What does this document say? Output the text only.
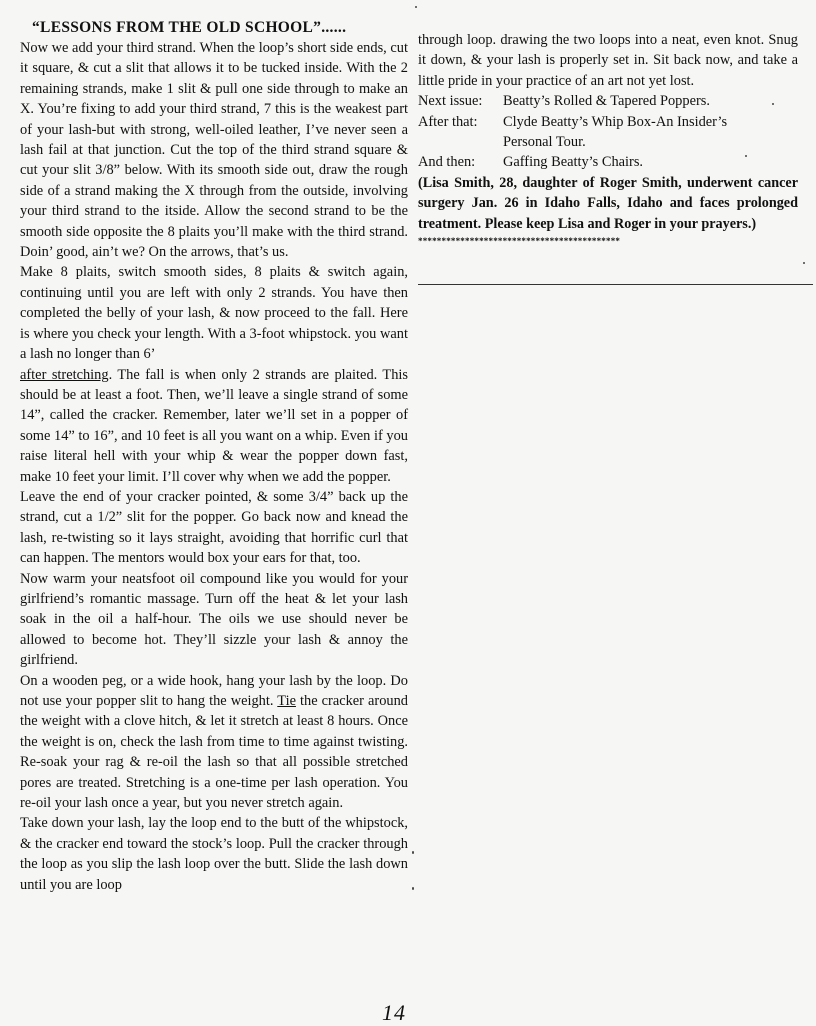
“LESSONS FROM THE OLD SCHOOL”......

Now we add your third strand. When the loop’s short side ends, cut it square, & cut a slit that allows it to be tucked inside. With the 2 remaining strands, make 1 slit & pull one side through to make an X. You’re fixing to add your third strand, 7 this is the weakest part of your lash-but with strong, well-oiled leather, I’ve never seen a lash fail at that junction. Cut the top of the third strand square & cut your slit 3/8” below. With its smooth side out, draw the rough side of a strand making the X through from the outside, involving your third strand to the itside. Allow the second strand to be the smooth side opposite the 8 plaits you’ll make with the third strand. Doin’ good, ain’t we? On the arrows, that’s us.

Make 8 plaits, switch smooth sides, 8 plaits & switch again, continuing until you are left with only 2 strands. You have then completed the belly of your lash, & now proceed to the fall. Here is where you check your length. With a 3-foot whipstock. you want a lash no longer than 6’

after stretching. The fall is when only 2 strands are plaited. This should be at least a foot. Then, we’ll leave a single strand of some 14”, called the cracker. Remember, later we’ll set in a popper of some 14” to 16”, and 10 feet is all you want on a whip. Even if you raise literal hell with your whip & wear the popper down fast, make 10 feet your limit. I’ll cover why when we add the popper.

Leave the end of your cracker pointed, & some 3/4” back up the strand, cut a 1/2” slit for the popper. Go back now and knead the lash, re-twisting so it lays straight, avoiding that horrific curl that can happen. The mentors would box your ears for that, too.

Now warm your neatsfoot oil compound like you would for your girlfriend’s romantic massage. Turn off the heat & let your lash soak in the oil a half-hour. The oils we use should never be allowed to become hot. They’ll sizzle your lash & annoy the girlfriend.

On a wooden peg, or a wide hook, hang your lash by the loop. Do not use your popper slit to hang the weight. Tie the cracker around the weight with a clove hitch, & let it stretch at least 8 hours. Once the weight is on, check the lash from time to time against twisting. Re-soak your rag & re-oil the lash so that all possible stretched pores are treated. Stretching is a one-time per lash operation. You re-oil your lash once a year, but you never stretch again.

Take down your lash, lay the loop end to the butt of the whipstock, & the cracker end toward the stock’s loop. Pull the cracker through the loop as you slip the lash loop over the butt. Slide the lash down until you are loop

through loop. drawing the two loops into a neat, even knot. Snug it down, & your lash is properly set in. Sit back now, and take a little pride in your practice of an art not yet lost.

Next issue:	Beatty’s Rolled & Tapered Poppers.
After that:	Clyde Beatty’s Whip Box-An Insider’s
Personal Tour.
And then:	Gaffing Beatty’s Chairs.

(Lisa Smith, 28, daughter of Roger Smith, underwent cancer surgery Jan. 26 in Idaho Falls, Idaho and faces prolonged treatment. Please keep Lisa and Roger in your prayers.)

*******************************************
14
